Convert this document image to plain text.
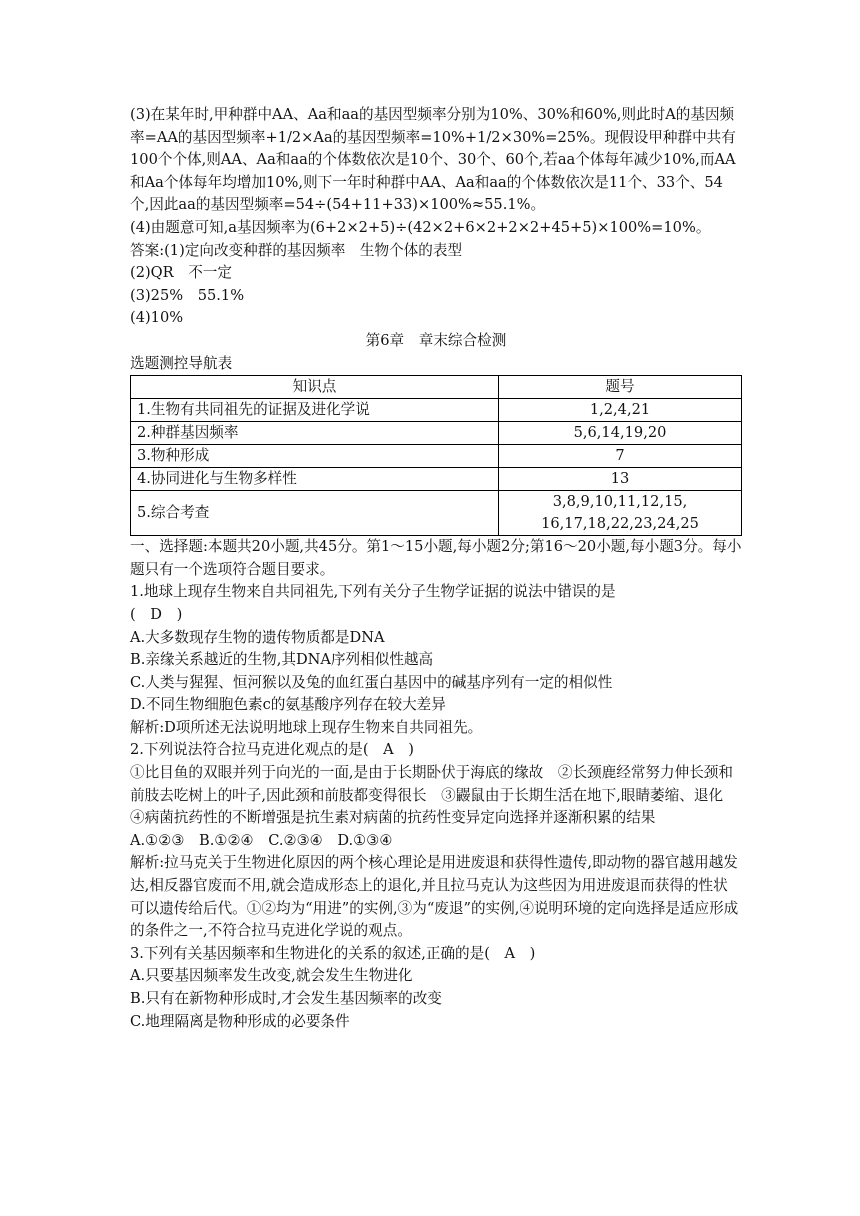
(3)在某年时,甲种群中AA、Aa和aa的基因型频率分别为10%、30%和60%,则此时A的基因频率=AA的基因型频率+1/2×Aa的基因型频率=10%+1/2×30%=25%。现假设甲种群中共有100个个体,则AA、Aa和aa的个体数依次是10个、30个、60个,若aa个体每年减少10%,而AA和Aa个体每年均增加10%,则下一年时种群中AA、Aa和aa的个体数依次是11个、33个、54个,因此aa的基因型频率=54÷(54+11+33)×100%≈55.1%。

(4)由题意可知,a基因频率为(6+2×2+5)÷(42×2+6×2+2×2+45+5)×100%=10%。

答案:(1)定向改变种群的基因频率　生物个体的表型

(2)QR　不一定

(3)25%　55.1%

(4)10%

第6章　章末综合检测

选题测控导航表

知识点	题号
1.生物有共同祖先的证据及进化学说	1,2,4,21
2.种群基因频率	5,6,14,19,20
3.物种形成	7
4.协同进化与生物多样性	13
5.综合考查	3,8,9,10,11,12,15,
16,17,18,22,23,24,25

一、选择题:本题共20小题,共45分。第1～15小题,每小题2分;第16～20小题,每小题3分。每小题只有一个选项符合题目要求。

1.地球上现存生物来自共同祖先,下列有关分子生物学证据的说法中错误的是

(　D　)

A.大多数现存生物的遗传物质都是DNA

B.亲缘关系越近的生物,其DNA序列相似性越高

C.人类与猩猩、恒河猴以及兔的血红蛋白基因中的碱基序列有一定的相似性

D.不同生物细胞色素c的氨基酸序列存在较大差异

解析:D项所述无法说明地球上现存生物来自共同祖先。

2.下列说法符合拉马克进化观点的是(　A　)

①比目鱼的双眼并列于向光的一面,是由于长期卧伏于海底的缘故　②长颈鹿经常努力伸长颈和前肢去吃树上的叶子,因此颈和前肢都变得很长　③鼹鼠由于长期生活在地下,眼睛萎缩、退化　④病菌抗药性的不断增强是抗生素对病菌的抗药性变异定向选择并逐渐积累的结果

A.①②③　B.①②④　C.②③④　D.①③④

解析:拉马克关于生物进化原因的两个核心理论是用进废退和获得性遗传,即动物的器官越用越发达,相反器官废而不用,就会造成形态上的退化,并且拉马克认为这些因为用进废退而获得的性状可以遗传给后代。①②均为“用进”的实例,③为“废退”的实例,④说明环境的定向选择是适应形成的条件之一,不符合拉马克进化学说的观点。

3.下列有关基因频率和生物进化的关系的叙述,正确的是(　A　)

A.只要基因频率发生改变,就会发生生物进化

B.只有在新物种形成时,才会发生基因频率的改变

C.地理隔离是物种形成的必要条件
